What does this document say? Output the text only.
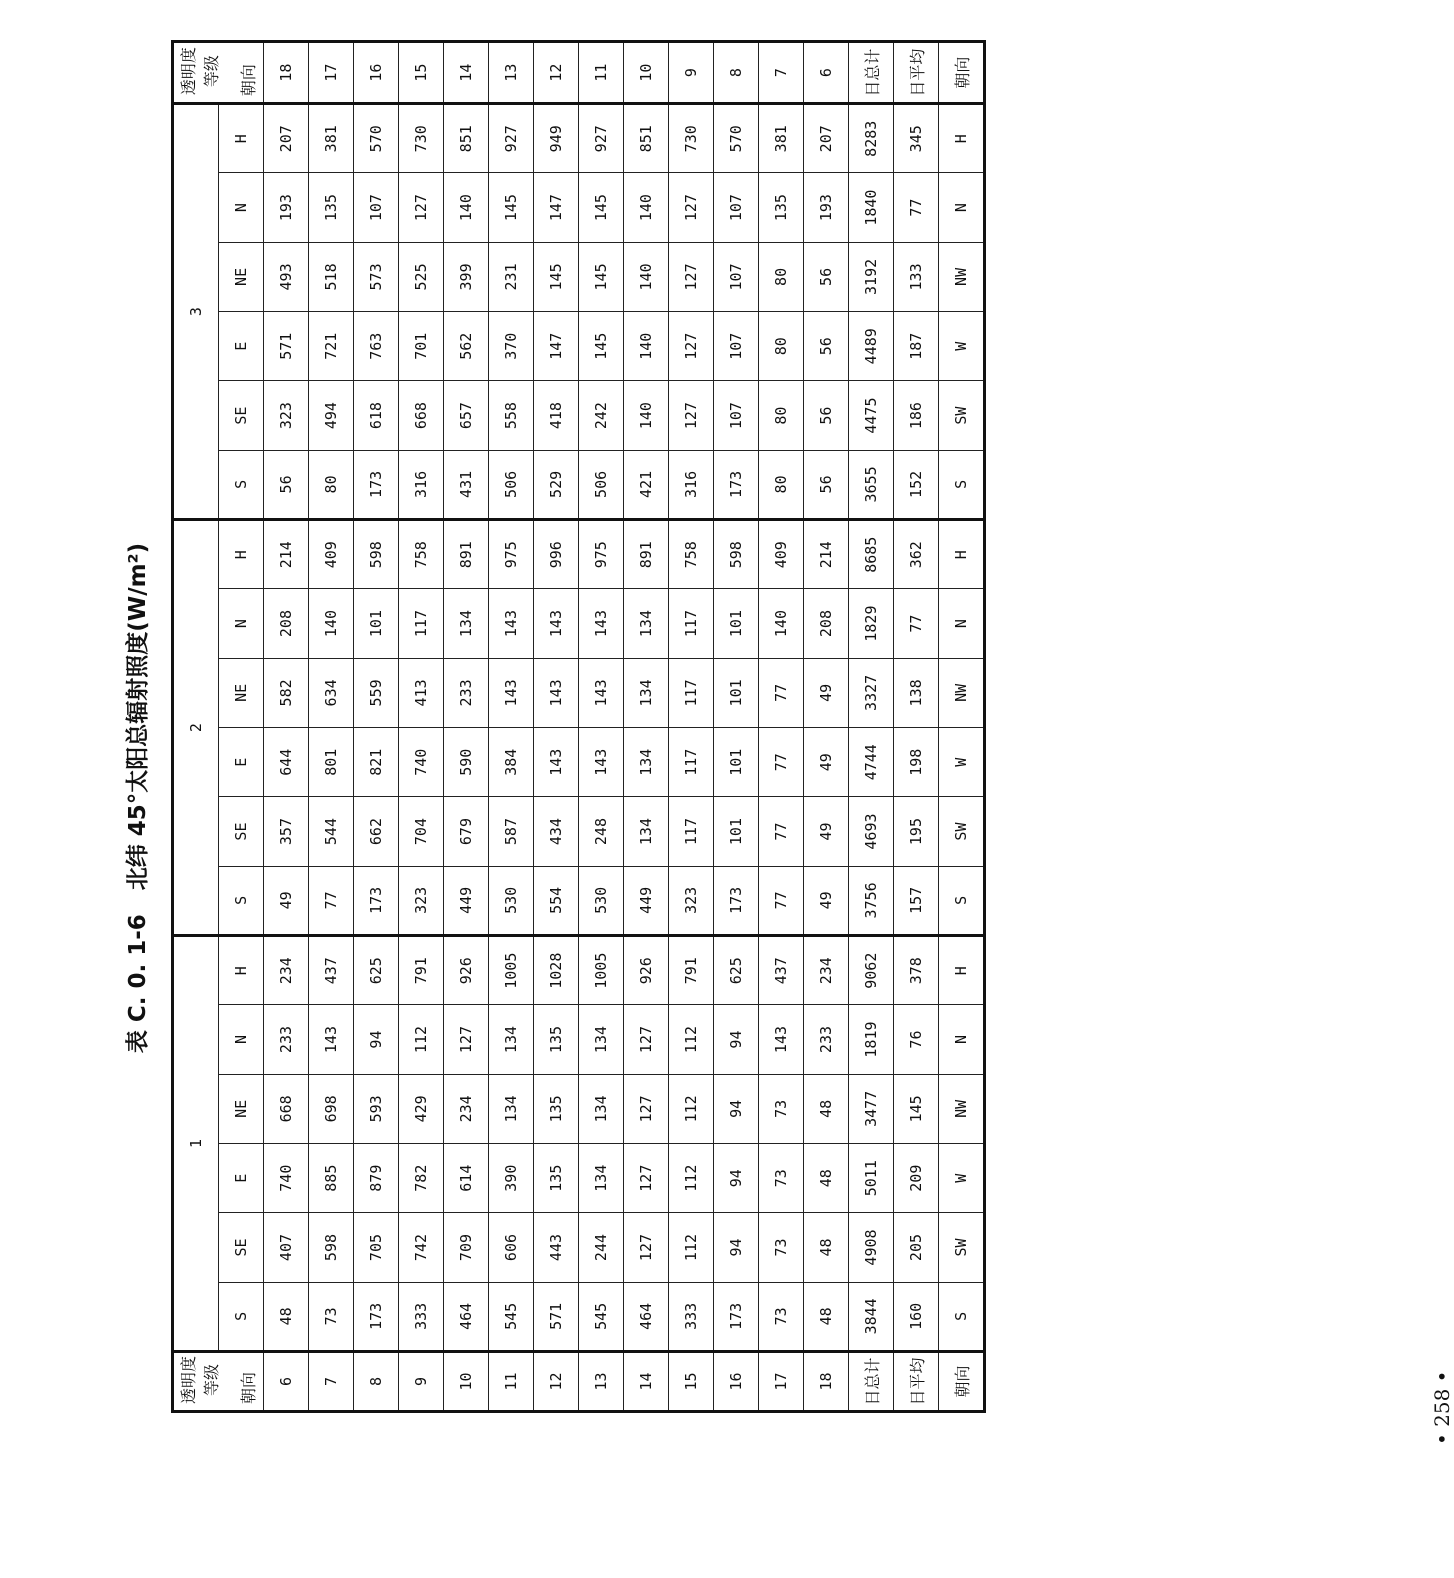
表 C. 0. 1-6   北纬 45°太阳总辐射照度(W/m²)
• 258 •
透明度等级 朝向	1						2						3						透明度等级 朝向

	S	SE	E	NE	N	H	S	SE	E	NE	N	H	S	SE	E	NE	N	H	
6	48	407	740	668	233	234	49	357	644	582	208	214	56	323	571	493	193	207	18
7	73	598	885	698	143	437	77	544	801	634	140	409	80	494	721	518	135	381	17
8	173	705	879	593	94	625	173	662	821	559	101	598	173	618	763	573	107	570	16
9	333	742	782	429	112	791	323	704	740	413	117	758	316	668	701	525	127	730	15
10	464	709	614	234	127	926	449	679	590	233	134	891	431	657	562	399	140	851	14
11	545	606	390	134	134	1005	530	587	384	143	143	975	506	558	370	231	145	927	13
12	571	443	135	135	135	1028	554	434	143	143	143	996	529	418	147	145	147	949	12
13	545	244	134	134	134	1005	530	248	143	143	143	975	506	242	145	145	145	927	11
14	464	127	127	127	127	926	449	134	134	134	134	891	421	140	140	140	140	851	10
15	333	112	112	112	112	791	323	117	117	117	117	758	316	127	127	127	127	730	9
16	173	94	94	94	94	625	173	101	101	101	101	598	173	107	107	107	107	570	8
17	73	73	73	73	143	437	77	77	77	77	140	409	80	80	80	80	135	381	7
18	48	48	48	48	233	234	49	49	49	49	208	214	56	56	56	56	193	207	6
日总计	3844	4908	5011	3477	1819	9062	3756	4693	4744	3327	1829	8685	3655	4475	4489	3192	1840	8283	日总计
日平均	160	205	209	145	76	378	157	195	198	138	77	362	152	186	187	133	77	345	日平均
朝向	S	SW	W	NW	N	H	S	SW	W	NW	N	H	S	SW	W	NW	N	H	朝向
